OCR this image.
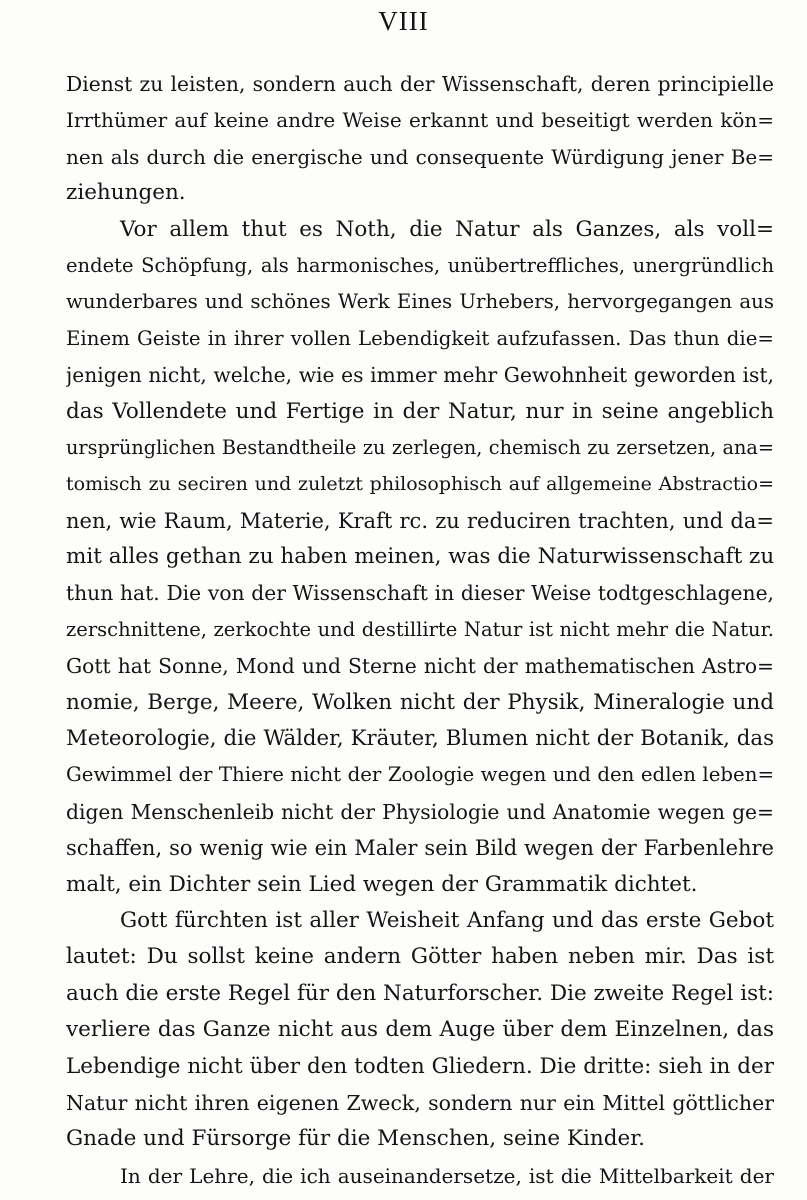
VIII
Dienst zu leisten, sondern auch der Wissenschaft, deren principielle
Irrthümer auf keine andre Weise erkannt und beseitigt werden kön=
nen als durch die energische und consequente Würdigung jener Be=
ziehungen.
Vor allem thut es Noth, die Natur als Ganzes, als voll=
endete Schöpfung, als harmonisches, unübertreffliches, unergründlich
wunderbares und schönes Werk Eines Urhebers, hervorgegangen aus
Einem Geiste in ihrer vollen Lebendigkeit aufzufassen. Das thun die=
jenigen nicht, welche, wie es immer mehr Gewohnheit geworden ist,
das Vollendete und Fertige in der Natur, nur in seine angeblich
ursprünglichen Bestandtheile zu zerlegen, chemisch zu zersetzen, ana=
tomisch zu seciren und zuletzt philosophisch auf allgemeine Abstractio=
nen, wie Raum, Materie, Kraft rc. zu reduciren trachten, und da=
mit alles gethan zu haben meinen, was die Naturwissenschaft zu
thun hat. Die von der Wissenschaft in dieser Weise todtgeschlagene,
zerschnittene, zerkochte und destillirte Natur ist nicht mehr die Natur.
Gott hat Sonne, Mond und Sterne nicht der mathematischen Astro=
nomie, Berge, Meere, Wolken nicht der Physik, Mineralogie und
Meteorologie, die Wälder, Kräuter, Blumen nicht der Botanik, das
Gewimmel der Thiere nicht der Zoologie wegen und den edlen leben=
digen Menschenleib nicht der Physiologie und Anatomie wegen ge=
schaffen, so wenig wie ein Maler sein Bild wegen der Farbenlehre
malt, ein Dichter sein Lied wegen der Grammatik dichtet.
Gott fürchten ist aller Weisheit Anfang und das erste Gebot
lautet: Du sollst keine andern Götter haben neben mir. Das ist
auch die erste Regel für den Naturforscher. Die zweite Regel ist:
verliere das Ganze nicht aus dem Auge über dem Einzelnen, das
Lebendige nicht über den todten Gliedern. Die dritte: sieh in der
Natur nicht ihren eigenen Zweck, sondern nur ein Mittel göttlicher
Gnade und Fürsorge für die Menschen, seine Kinder.
In der Lehre, die ich auseinandersetze, ist die Mittelbarkeit der
